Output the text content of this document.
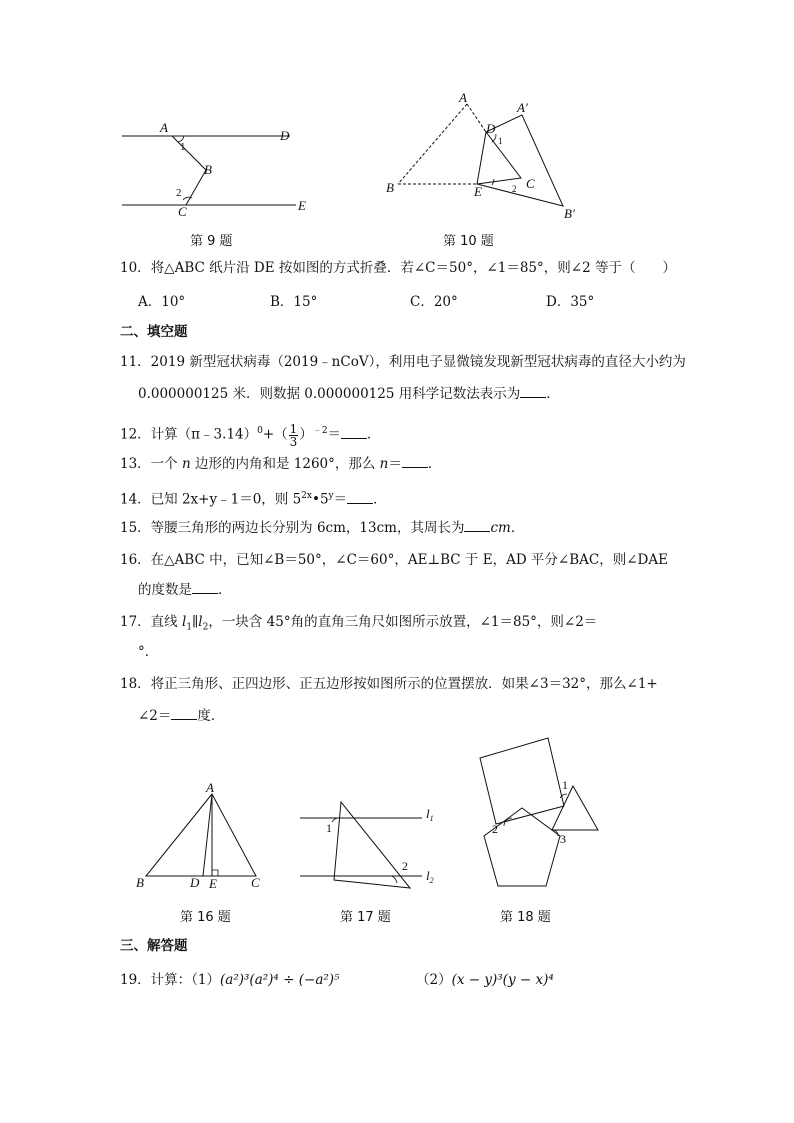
A
D
B
C	E
1
2
第 9 题
A
A′
D
B	E
C
B′
1
2
第 10 题
10．将△ABC 纸片沿 DE 按如图的方式折叠．若∠C＝50°，∠1＝85°，则∠2 等于（　　）
A．10°	B．15°	C．20°	D．35°
二、填空题
11．2019 新型冠状病毒（2019﹣nCoV），利用电子显微镜发现新型冠状病毒的直径大小约为
0.000000125 米．则数据 0.000000125 用科学记数法表示为 ．
12．计算（π﹣3.14）$^0$+（ $\frac{1}{3} )^{﹣2}=$ ．
13．一个 n 边形的内角和是 1260°，那么 n＝ ．
14．已知 2x+y﹣1＝0，则 $5^{2x}•5^y=$ ．
15．等腰三角形的两边长分别为 6cm，13cm，其周长为 cm．
16．在△ABC 中，已知∠B＝50°，∠C＝60°，AE⊥BC 于 E，AD 平分∠BAC，则∠DAE
的度数是 ．
17．直线 $l_1\parallel l_2$，一块含 45°角的直角三角尺如图所示放置，∠1＝85°，则∠2＝
°．
18．将正三角形、正四边形、正五边形按如图所示的位置摆放．如果∠3＝32°，那么∠1+
∠2＝ 度．
A
B	D E	C
第 16 题
$l_1$
$l_2$
1
2
第 17 题
1
2
3
第 18 题
三、解答题
19．计算：（1）(a²)³(a²)⁴ ÷ (−a²)⁵	（2）(x − y)³(y − x)⁴
